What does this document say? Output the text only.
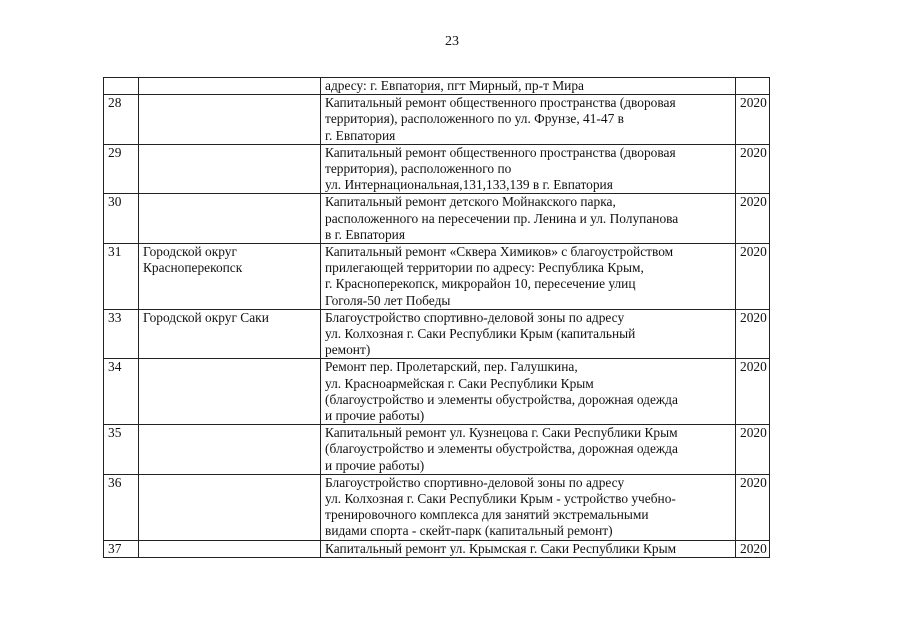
23

		адресу: г. Евпатория, пгт Мирный, пр-т Мира	

28		Капитальный ремонт общественного пространства (дворовая
территория), расположенного по ул. Фрунзе, 41-47 в
г. Евпатория	2020
29		Капитальный ремонт общественного пространства (дворовая
территория), расположенного по
ул. Интернациональная,131,133,139 в г. Евпатория	2020
30		Капитальный ремонт детского Мойнакского парка,
расположенного на пересечении пр. Ленина и ул. Полупанова
в г. Евпатория	2020
31	Городской округ Красноперекопск	Капитальный ремонт «Сквера Химиков» с благоустройством
прилегающей территории по адресу: Республика Крым,
г. Красноперекопск, микрорайон 10, пересечение улиц
Гоголя-50 лет Победы	2020
33	Городской округ Саки	Благоустройство спортивно-деловой зоны по адресу
ул. Колхозная г. Саки Республики Крым (капитальный
ремонт)	2020
34		Ремонт пер. Пролетарский, пер. Галушкина,
ул. Красноармейская г. Саки Республики Крым
(благоустройство и элементы обустройства, дорожная одежда
и прочие работы)	2020
35		Капитальный ремонт ул. Кузнецова г. Саки Республики Крым
(благоустройство и элементы обустройства, дорожная одежда
и прочие работы)	2020
36		Благоустройство спортивно-деловой зоны по адресу
ул. Колхозная г. Саки Республики Крым - устройство учебно-
тренировочного комплекса для занятий экстремальными
видами спорта - скейт-парк (капитальный ремонт)	2020
37		Капитальный ремонт ул. Крымская г. Саки Республики Крым	2020
